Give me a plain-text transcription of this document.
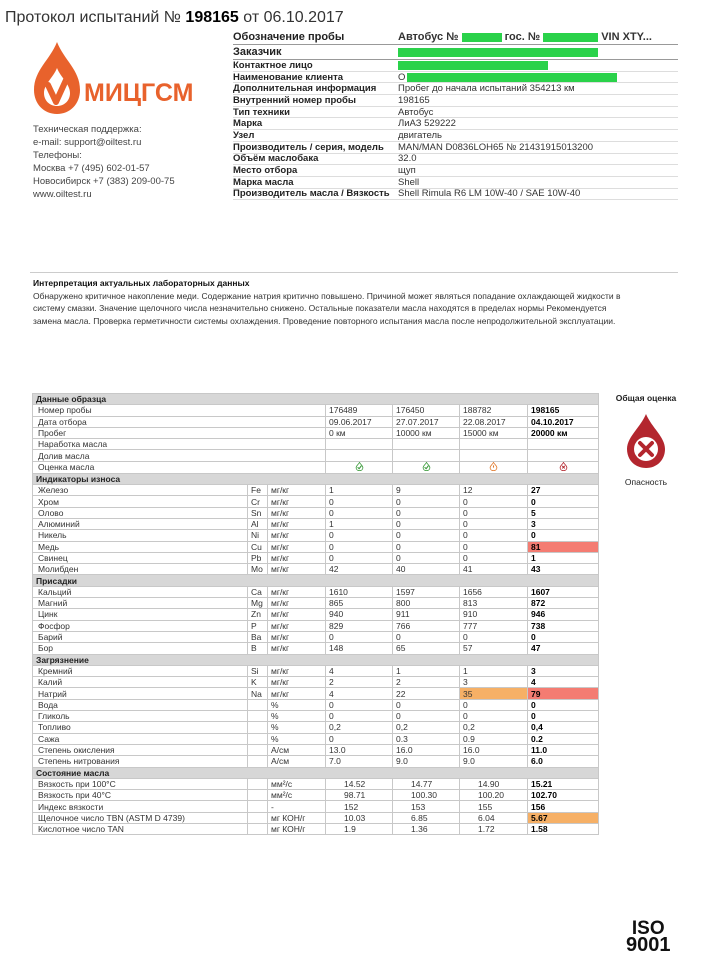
Протокол испытаний № 198165 от 06.10.2017
МИЦГСМ
Техническая поддержка:
e-mail: support@oiltest.ru
Телефоны:
Москва +7 (495) 602-01-57
Новосибирск +7 (383) 209-00-75
www.oiltest.ru
Обозначение пробы	Автобус №	гос. №	VIN XTY...
Заказчик
Контактное лицо
Наименование клиента	О
Дополнительная информация	Пробег до начала испытаний 354213 км
Внутренний номер пробы	198165
Тип техники	Автобус
Марка	ЛиАЗ 529222
Узел	двигатель
Производитель / серия, модель	MAN/MAN D0836LOH65 № 21431915013200
Объём маслобака	32.0
Место отбора	щуп
Марка масла	Shell
Производитель масла / Вязкость Shell Rimula R6 LM 10W-40 / SAE 10W-40
Интерпретация актуальных лабораторных данных
Обнаружено критичное накопление меди. Содержание натрия критично повышено. Причиной может являться попадание охлаждающей жидкости в
систему смазки. Значение щелочного числа незначительно снижено. Остальные показатели масла находятся в пределах нормы Рекомендуется
замена масла. Проверка герметичности системы охлаждения. Проведение повторного испытания масла после непродолжительной эксплуатации.
Данные образца						
Номер пробы			176489	176450	188782	198165
Дата отбора			09.06.2017	27.07.2017	22.08.2017	04.10.2017
Пробег			0 км	10000 км	15000 км	20000 км
Наработка масла						
Долив масла						
Оценка масла				
Индикаторы износа						
Железо	Fe	мг/кг	1	9	12	27
Хром	Cr	мг/кг	0	0	0	0
Олово	Sn	мг/кг	0	0	0	5
Алюминий	Al	мг/кг	1	0	0	3
Никель	Ni	мг/кг	0	0	0	0
Медь	Cu	мг/кг	0	0	0	81
Свинец	Pb	мг/кг	0	0	0	1
Молибден	Mo	мг/кг	42	40	41	43
Присадки						
Кальций	Ca	мг/кг	1610	1597	1656	1607
Магний	Mg	мг/кг	865	800	813	872
Цинк	Zn	мг/кг	940	911	910	946
Фосфор	P	мг/кг	829	766	777	738
Барий	Ba	мг/кг	0	0	0	0
Бор	B	мг/кг	148	65	57	47
Загрязнение						
Кремний	Si	мг/кг	4	1	1	3
Калий	K	мг/кг	2	2	3	4
Натрий	Na	мг/кг	4	22	35	79
Вода		%	0	0	0	0
Гликоль		%	0	0	0	0
Топливо		%	0,2	0,2	0,2	0,4
Сажа		%	0	0.3	0.9	0.2
Степень окисления		А/см	13.0	16.0	16.0	11.0
Степень нитрования		А/см	7.0	9.0	9.0	6.0
Состояние масла						
Вязкость при 100°C		мм²/с	14.52	14.77	14.90	15.21
Вязкость при 40°C		мм²/с	98.71	100.30	100.20	102.70
Индекс вязкости		-	152	153	155	156
Щелочное число TBN (ASTM D 4739)		мг КОН/г	10.03	6.85	6.04	5.67
Кислотное число TAN		мг КОН/г	1.9	1.36	1.72	1.58
Общая оценка
Опасность
ISO
9001
